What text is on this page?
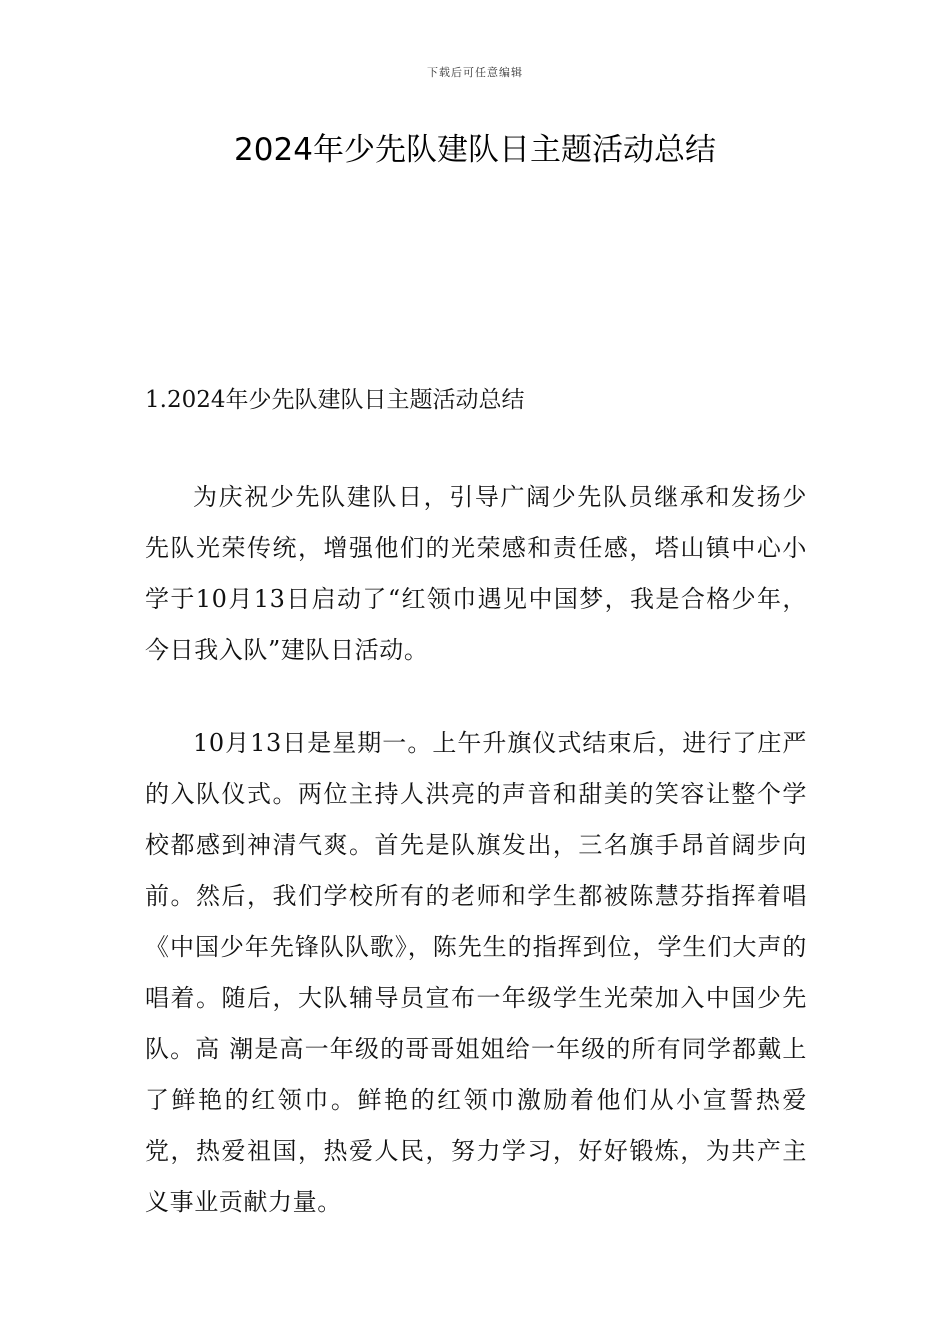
下载后可任意编辑
2024年少先队建队日主题活动总结
1.2024年少先队建队日主题活动总结

为庆祝少先队建队日，引导广阔少先队员继承和发扬少先队光荣传统，增强他们的光荣感和责任感，塔山镇中心小学于10月13日启动了“红领巾遇见中国梦，我是合格少年，今日我入队”建队日活动。

10月13日是星期一。上午升旗仪式结束后，进行了庄严的入队仪式。两位主持人洪亮的声音和甜美的笑容让整个学校都感到神清气爽。首先是队旗发出，三名旗手昂首阔步向前。然后，我们学校所有的老师和学生都被陈慧芬指挥着唱《中国少年先锋队队歌》，陈先生的指挥到位，学生们大声的唱着。随后，大队辅导员宣布一年级学生光荣加入中国少先队。高 潮是高一年级的哥哥姐姐给一年级的所有同学都戴上了鲜艳的红领巾。鲜艳的红领巾激励着他们从小宣誓热爱党，热爱祖国，热爱人民，努力学习，好好锻炼，为共产主义事业贡献力量。
